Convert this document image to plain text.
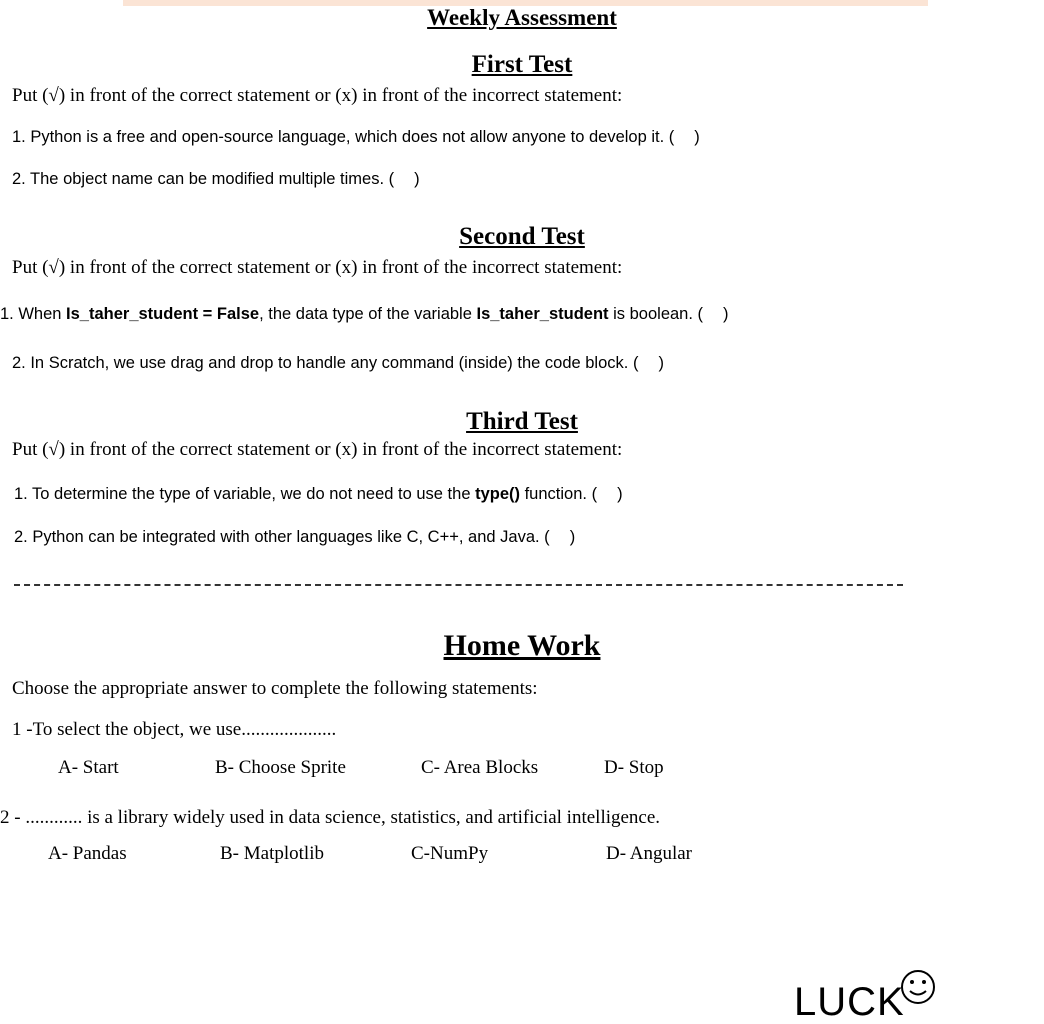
Weekly Assessment
First Test
Put (√) in front of the correct statement or (x) in front of the incorrect statement:
1. Python is a free and open-source language, which does not allow anyone to develop it. ( )
2. The object name can be modified multiple times. ( )
Second Test
Put (√) in front of the correct statement or (x) in front of the incorrect statement:
1. When Is_taher_student = False, the data type of the variable Is_taher_student is boolean. ( )
2. In Scratch, we use drag and drop to handle any command (inside) the code block. ( )
Third Test
Put (√) in front of the correct statement or (x) in front of the incorrect statement:
1. To determine the type of variable, we do not need to use the type() function. ( )
2. Python can be integrated with other languages like C, C++, and Java. ( )
Home Work
Choose the appropriate answer to complete the following statements:
1 -To select the object, we use....................
A- Start	B- Choose Sprite	C- Area Blocks	D- Stop
2 - ............ is a library widely used in data science, statistics, and artificial intelligence.
A- Pandas	B- Matplotlib	C-NumPy	D- Angular
LUCK
